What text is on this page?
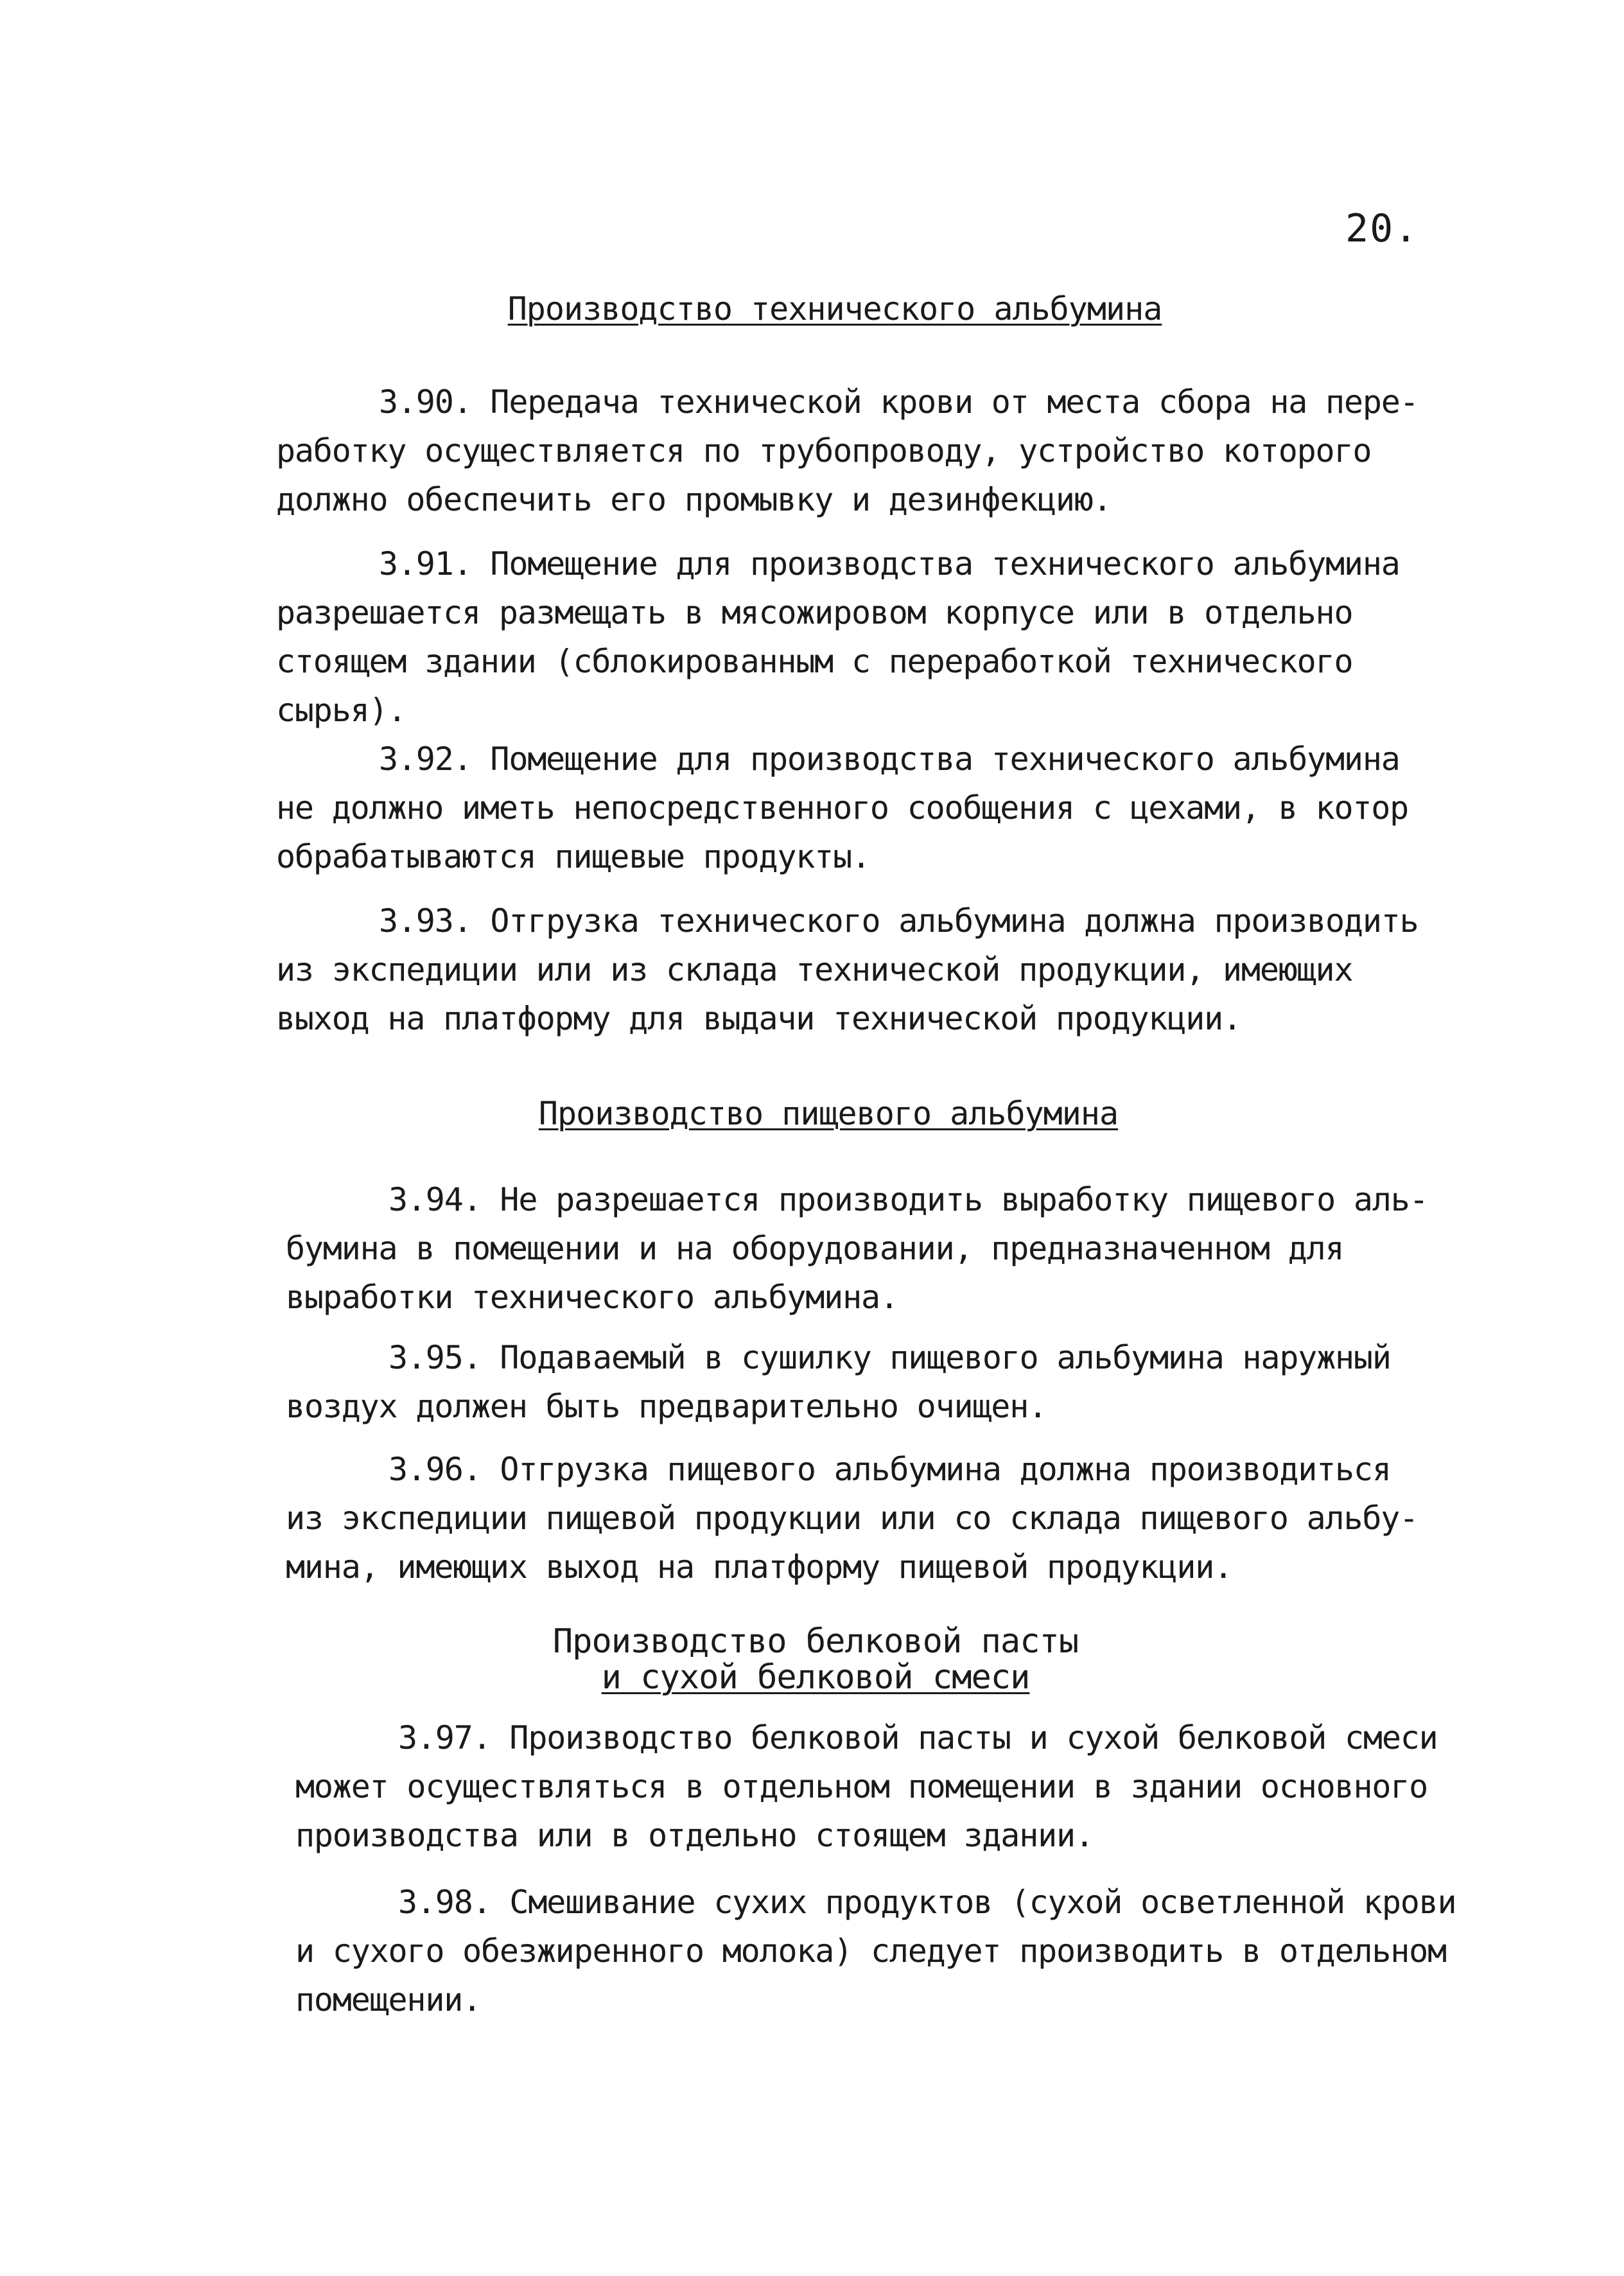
20.
Производство технического альбумина
3.90. Передача технической крови от места сбора на пере-
работку осуществляется по трубопроводу, устройство которого
должно обеспечить его промывку и дезинфекцию.
3.91. Помещение для производства технического альбумина
разрешается размещать в мясожировом корпусе или в отдельно
стоящем здании (сблокированным с переработкой технического
сырья).
3.92. Помещение для производства технического альбумина
не должно иметь непосредственного сообщения с цехами, в котор
обрабатываются пищевые продукты.
3.93. Отгрузка технического альбумина должна производить
из экспедиции или из склада технической продукции, имеющих
выход на платформу для выдачи технической продукции.
Производство пищевого альбумина
3.94. Не разрешается производить выработку пищевого аль-
бумина в помещении и на оборудовании, предназначенном для
выработки технического альбумина.
3.95. Подаваемый в сушилку пищевого альбумина наружный
воздух должен быть предварительно очищен.
3.96. Отгрузка пищевого альбумина должна производиться
из экспедиции пищевой продукции или со склада пищевого альбу-
мина, имеющих выход на платформу пищевой продукции.
Производство белковой пасты
и сухой белковой смеси
3.97. Производство белковой пасты и сухой белковой смеси
может осуществляться в отдельном помещении в здании основного
производства или в отдельно стоящем здании.
3.98. Смешивание сухих продуктов (сухой осветленной крови
и сухого обезжиренного молока) следует производить в отдельном
помещении.
